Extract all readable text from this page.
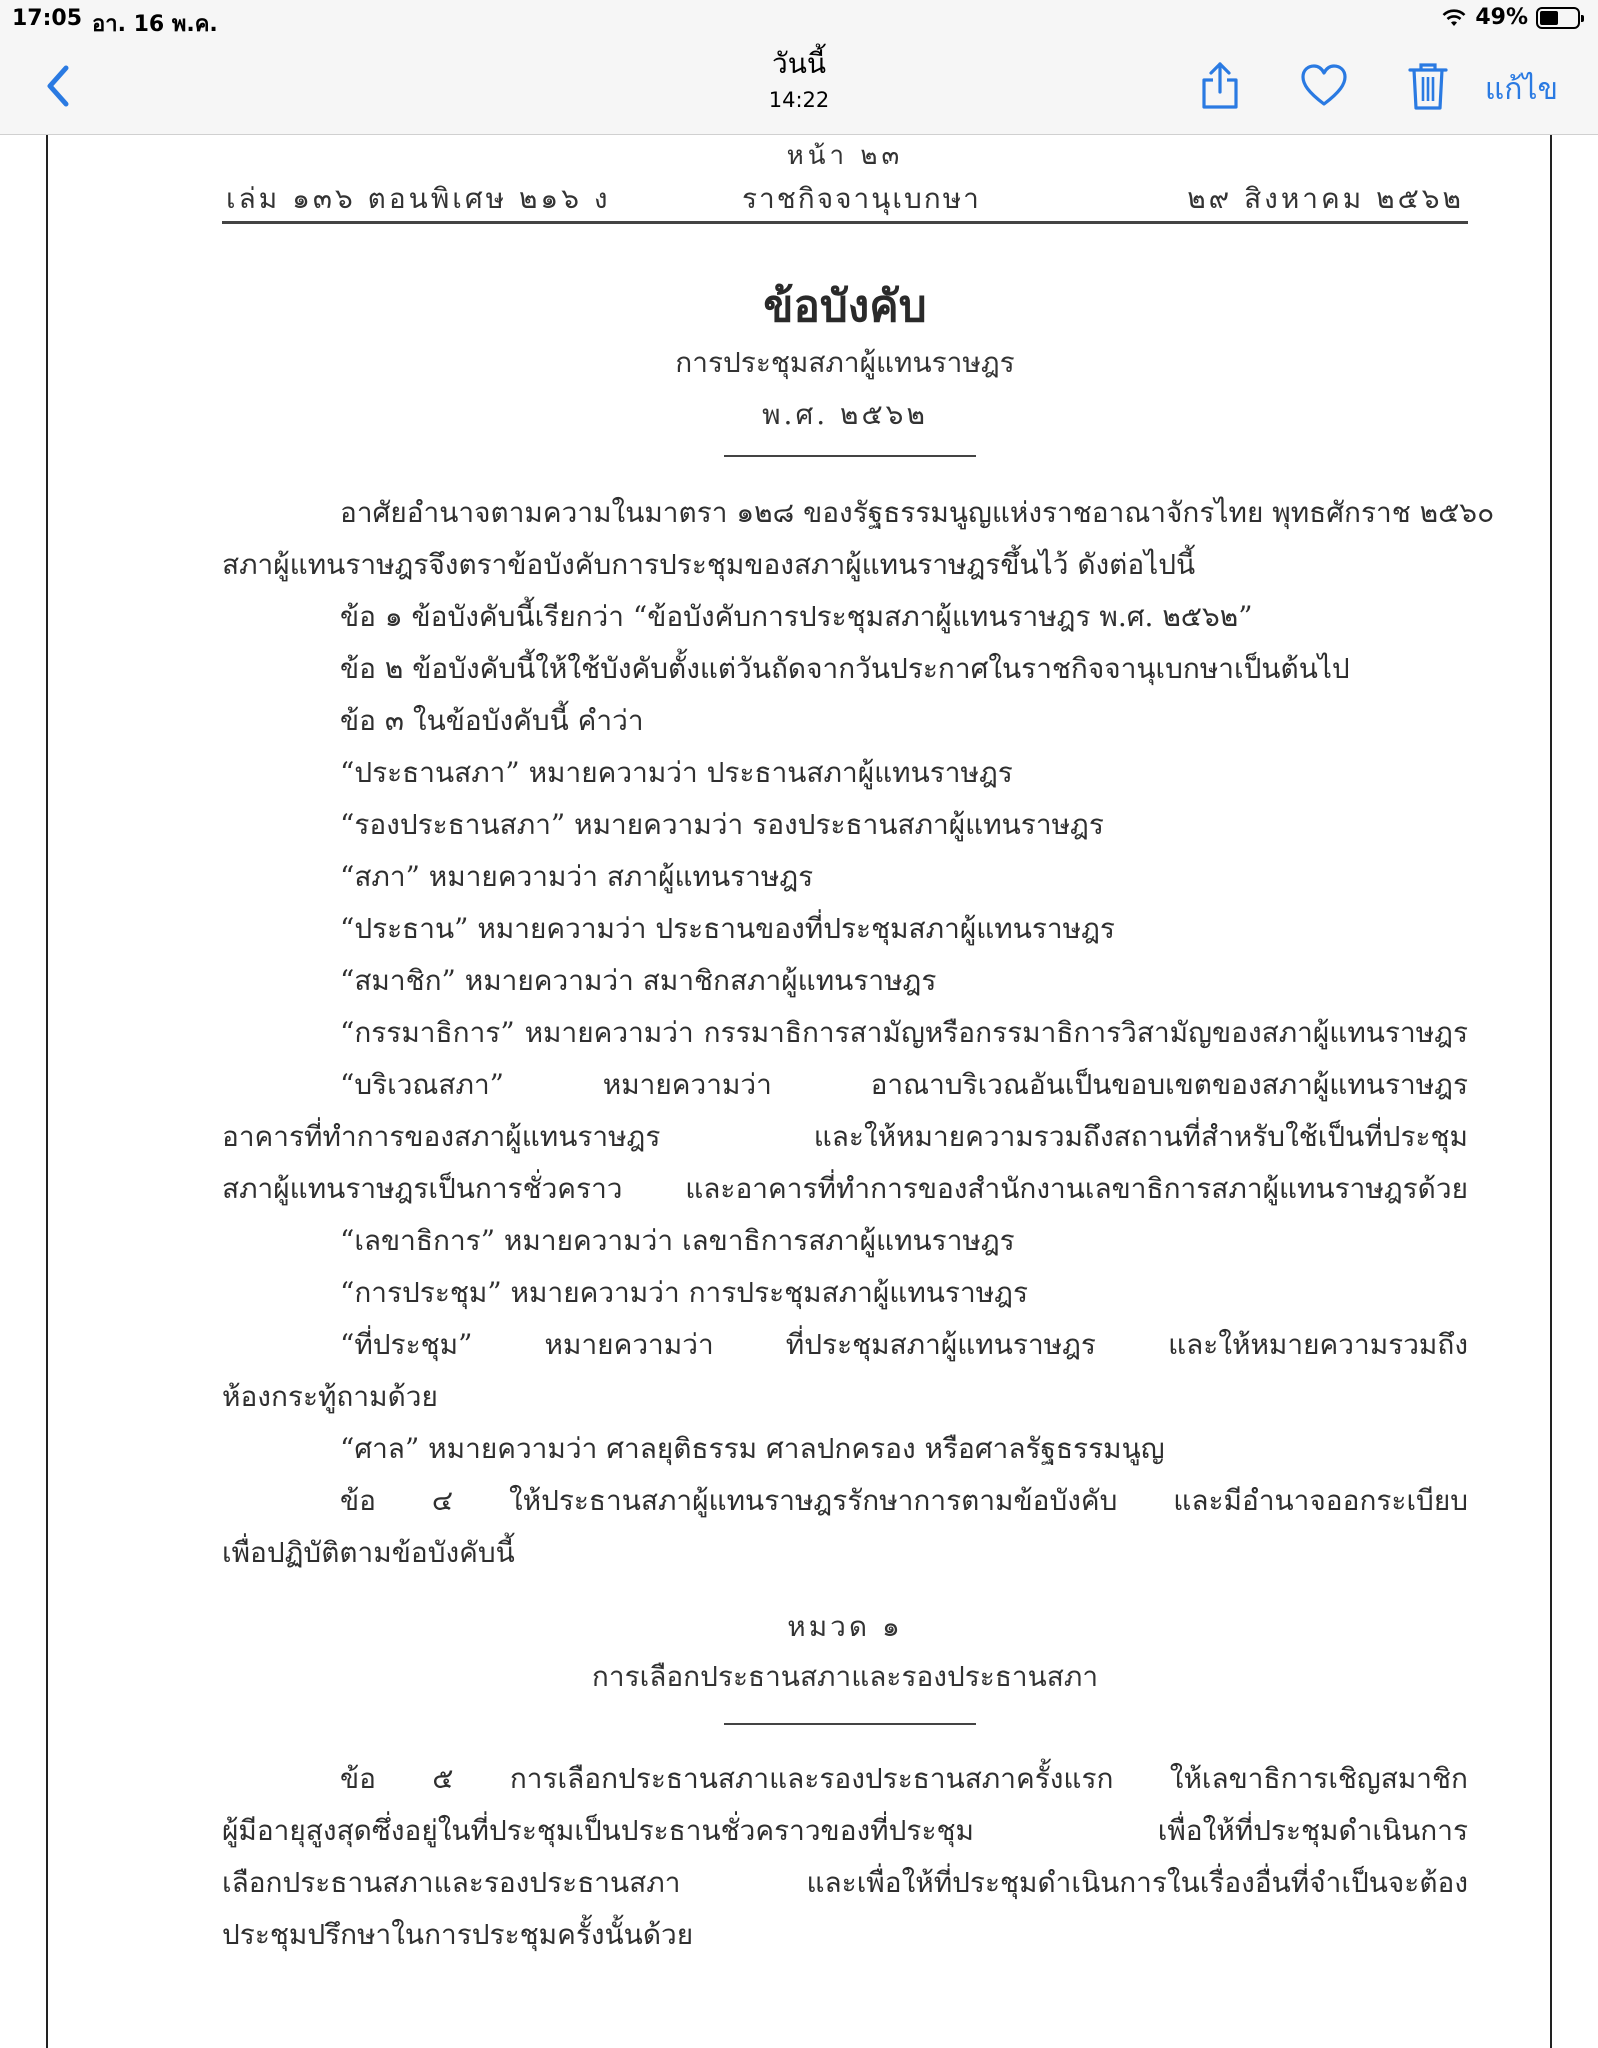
17:05 อา. 16 พ.ค.	49%
วันนี้
14:22	แก้ไข
หน้า ๒๓
เล่ม ๑๓๖ ตอนพิเศษ ๒๑๖ ง	ราชกิจจานุเบกษา	๒๙ สิงหาคม ๒๕๖๒
ข้อบังคับ
การประชุมสภาผู้แทนราษฎร
พ.ศ. ๒๕๖๒
อาศัยอำนาจตามความในมาตรา ๑๒๘ ของรัฐธรรมนูญแห่งราชอาณาจักรไทย พุทธศักราช ๒๕๖๐
สภาผู้แทนราษฎรจึงตราข้อบังคับการประชุมของสภาผู้แทนราษฎรขึ้นไว้ ดังต่อไปนี้
ข้อ ๑ ข้อบังคับนี้เรียกว่า “ข้อบังคับการประชุมสภาผู้แทนราษฎร พ.ศ. ๒๕๖๒”
ข้อ ๒ ข้อบังคับนี้ให้ใช้บังคับตั้งแต่วันถัดจากวันประกาศในราชกิจจานุเบกษาเป็นต้นไป
ข้อ ๓ ในข้อบังคับนี้ คำว่า
“ประธานสภา” หมายความว่า ประธานสภาผู้แทนราษฎร
“รองประธานสภา” หมายความว่า รองประธานสภาผู้แทนราษฎร
“สภา” หมายความว่า สภาผู้แทนราษฎร
“ประธาน” หมายความว่า ประธานของที่ประชุมสภาผู้แทนราษฎร
“สมาชิก” หมายความว่า สมาชิกสภาผู้แทนราษฎร
“กรรมาธิการ” หมายความว่า กรรมาธิการสามัญหรือกรรมาธิการวิสามัญของสภาผู้แทนราษฎร
“บริเวณสภา” หมายความว่า อาณาบริเวณอันเป็นขอบเขตของสภาผู้แทนราษฎร
อาคารที่ทำการของสภาผู้แทนราษฎร และให้หมายความรวมถึงสถานที่สำหรับใช้เป็นที่ประชุม
สภาผู้แทนราษฎรเป็นการชั่วคราว และอาคารที่ทำการของสำนักงานเลขาธิการสภาผู้แทนราษฎรด้วย
“เลขาธิการ” หมายความว่า เลขาธิการสภาผู้แทนราษฎร
“การประชุม” หมายความว่า การประชุมสภาผู้แทนราษฎร
“ที่ประชุม” หมายความว่า ที่ประชุมสภาผู้แทนราษฎร และให้หมายความรวมถึง
ห้องกระทู้ถามด้วย
“ศาล” หมายความว่า ศาลยุติธรรม ศาลปกครอง หรือศาลรัฐธรรมนูญ
ข้อ ๔ ให้ประธานสภาผู้แทนราษฎรรักษาการตามข้อบังคับ และมีอำนาจออกระเบียบ
เพื่อปฏิบัติตามข้อบังคับนี้
หมวด ๑
การเลือกประธานสภาและรองประธานสภา
ข้อ ๕ การเลือกประธานสภาและรองประธานสภาครั้งแรก ให้เลขาธิการเชิญสมาชิก
ผู้มีอายุสูงสุดซึ่งอยู่ในที่ประชุมเป็นประธานชั่วคราวของที่ประชุม เพื่อให้ที่ประชุมดำเนินการ
เลือกประธานสภาและรองประธานสภา และเพื่อให้ที่ประชุมดำเนินการในเรื่องอื่นที่จำเป็นจะต้อง
ประชุมปรึกษาในการประชุมครั้งนั้นด้วย
